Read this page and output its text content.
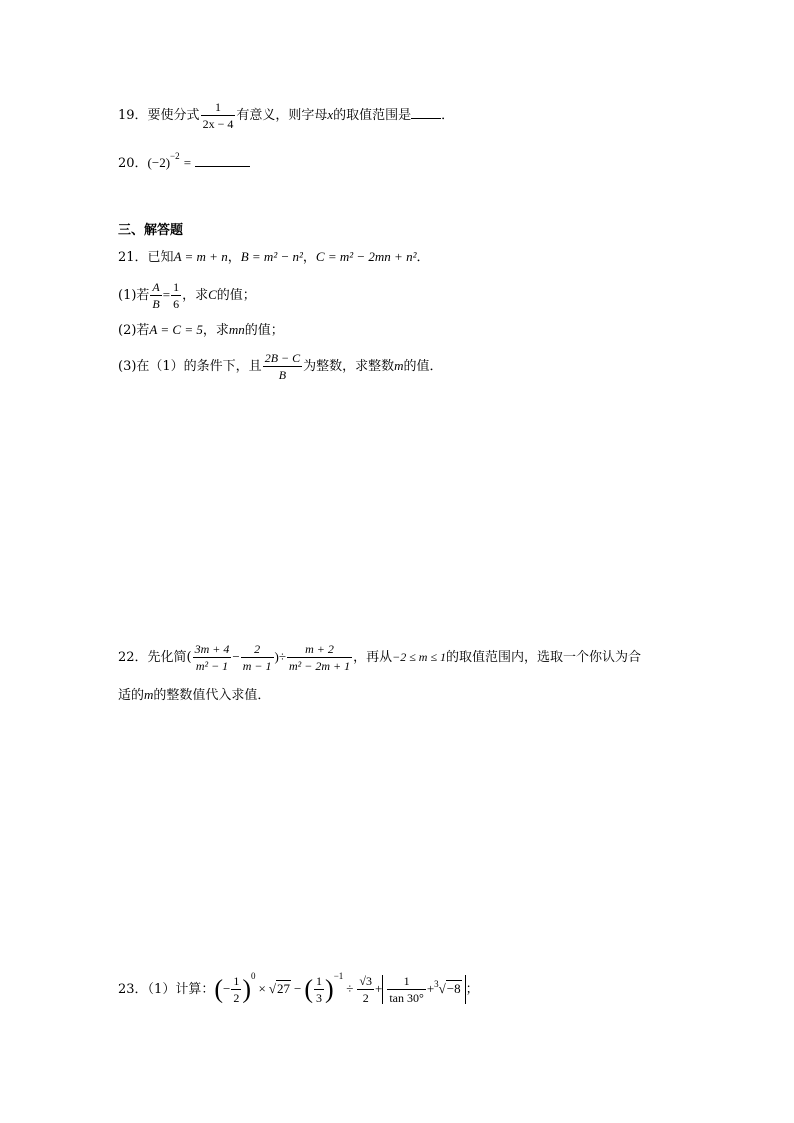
19．要使分式 $\frac{1}{2x - 4}$ 有意义，则字母x的取值范围是 ．
20．$(-2)^{-2}$ =
三、解答题
21．已知A = m + n，B = m² − n²，C = m² − 2mn + n²．
(1)若 $\frac{A}{B} = \frac{1}{6}$ ，求C的值；
(2)若A = C = 5，求mn的值；
(3)在（1）的条件下，且 $\frac{2B - C}{B}$ 为整数，求整数m的值．
22．先化简( $\frac{3m + 4}{\text{m² − 1}} - \frac{2}{m - 1}$ )÷ $\frac{m + 2}{\text{m² − 2m + 1}}$ ，再从−2 ≤ m ≤ 1的取值范围内，选取一个你认为合
适的m的整数值代入求值．
23．（1）计算：(− $\frac{1}{2} )^0\times √27$ − ( $\frac{1}{3} )^{-1}\div \frac{√3}{2} + \frac{1}{\tan 30^\circ} +^3√-8$ ；
